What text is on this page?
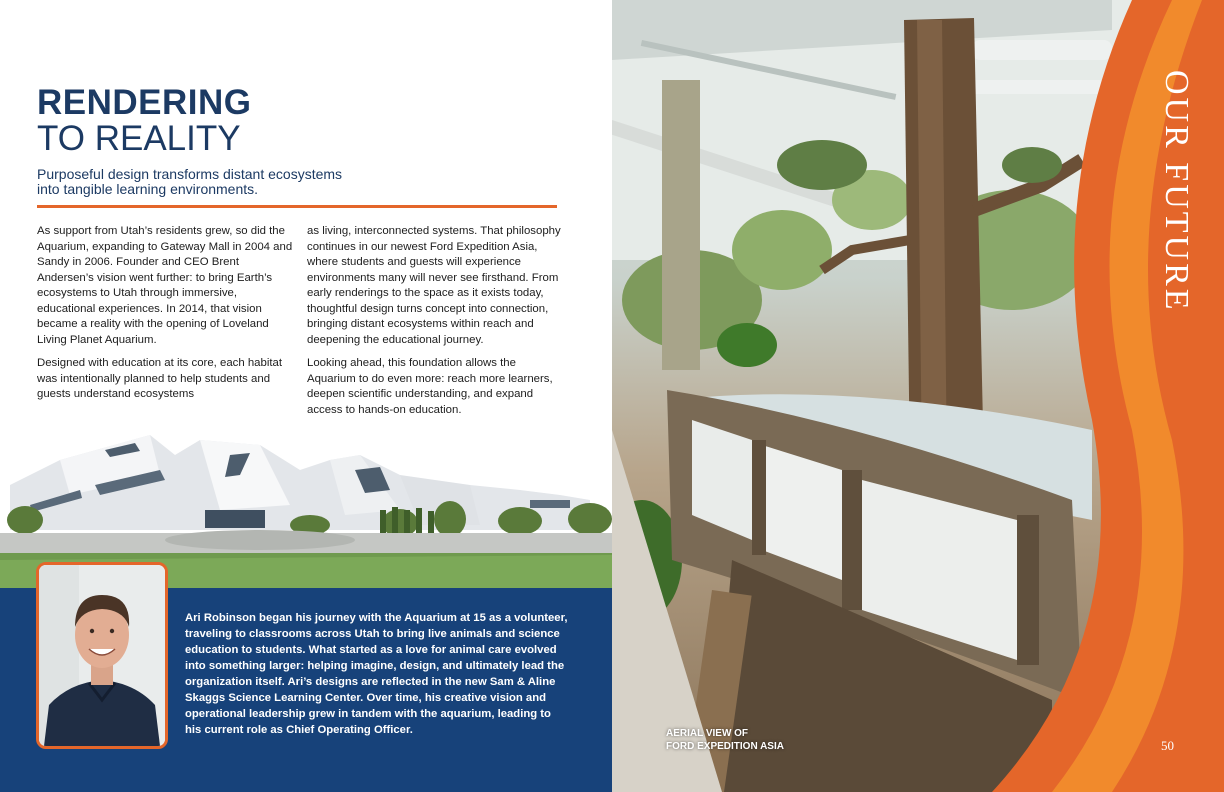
RENDERING
TO REALITY
Purposeful design transforms distant ecosystems into tangible learning environments.

As support from Utah’s residents grew, so did the Aquarium, expanding to Gateway Mall in 2004 and Sandy in 2006. Founder and CEO Brent Andersen’s vision went further: to bring Earth’s ecosystems to Utah through immersive, educational experiences. In 2014, that vision became a reality with the opening of Loveland Living Planet Aquarium.

Designed with education at its core, each habitat was intentionally planned to help students and guests understand ecosystems

as living, interconnected systems. That philosophy continues in our newest Ford Expedition Asia, where students and guests will experience environments many will never see firsthand. From early renderings to the space as it exists today, thoughtful design turns concept into connection, bringing distant ecosystems within reach and deepening the educational journey.

Looking ahead, this foundation allows the Aquarium to do even more: reach more learners, deepen scientific understanding, and expand access to hands-on education.

Ari Robinson began his journey with the Aquarium at 15 as a volunteer, traveling to classrooms across Utah to bring live animals and science education to students. What started as a love for animal care evolved into something larger: helping imagine, design, and ultimately lead the organization itself. Ari’s designs are reflected in the new Sam & Aline Skaggs Science Learning Center. Over time, his creative vision and operational leadership grew in tandem with the aquarium, leading to his current role as Chief Operating Officer.
OUR FUTURE
AERIAL VIEW OF
FORD EXPEDITION ASIA	50
